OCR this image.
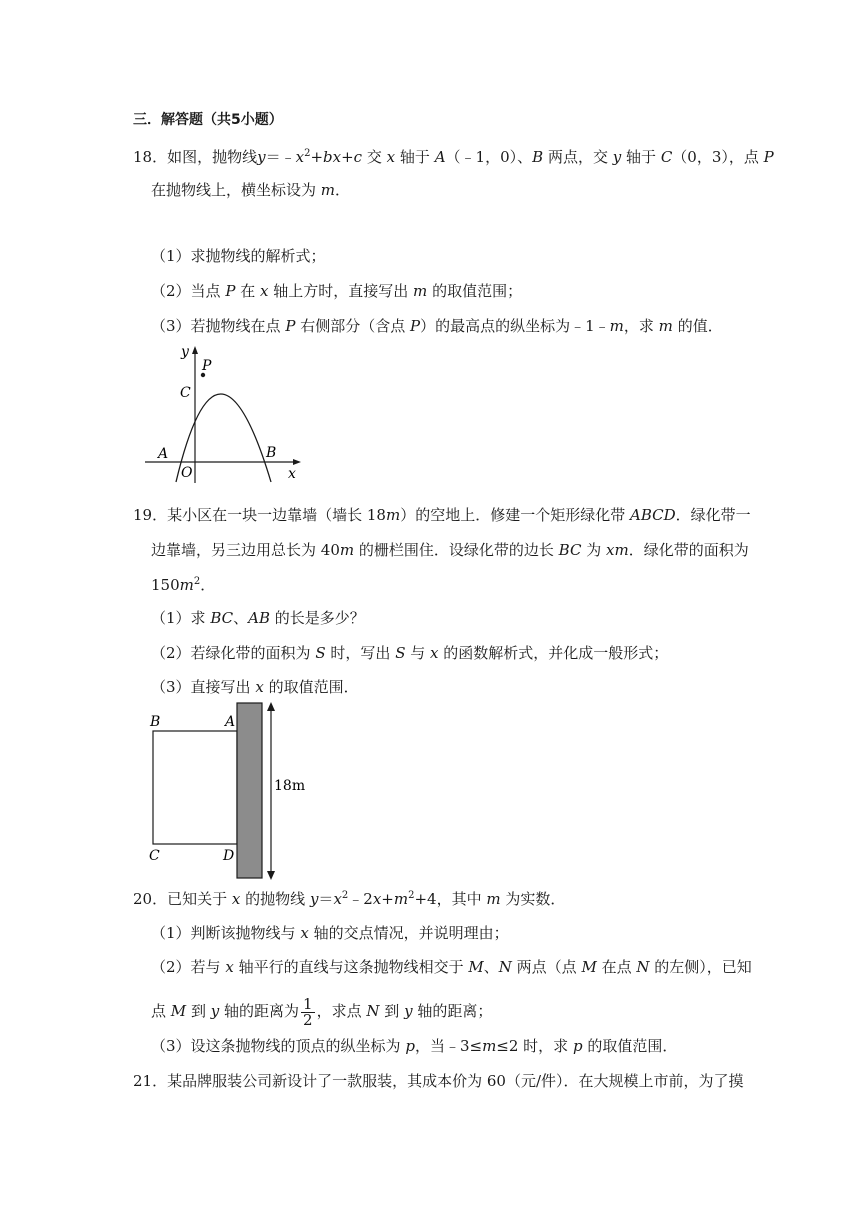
三．解答题（共5小题）
18．如图，抛物线$y=﹣x^2+bx+c$ 交 x 轴于 A（﹣1，0）、B 两点，交 y 轴于 C（0，3），点 P
在抛物线上，横坐标设为 m．
（1）求抛物线的解析式；
（2）当点 P 在 x 轴上方时，直接写出 m 的取值范围；
（3）若抛物线在点 P 右侧部分（含点 P）的最高点的纵坐标为﹣1﹣m，求 m 的值．
y
P
C
A
O
B
x
19．某小区在一块一边靠墙（墙长 18m）的空地上．修建一个矩形绿化带 ABCD．绿化带一
边靠墙，另三边用总长为 40m 的栅栏围住．设绿化带的边长 BC 为 xm．绿化带的面积为
$150m^2$．
（1）求 BC、AB 的长是多少？
（2）若绿化带的面积为 S 时，写出 S 与 x 的函数解析式，并化成一般形式；
（3）直接写出 x 的取值范围．
B	A
C	D
18m
20．已知关于 x 的抛物线 $y=x^2﹣2x+m^2+4$，其中 m 为实数．
（1）判断该抛物线与 x 轴的交点情况，并说明理由；
（2）若与 x 轴平行的直线与这条抛物线相交于 M、N 两点（点 M 在点 N 的左侧），已知
点 M 到 y 轴的距离为 $\frac{1}{2}$ ，求点 N 到 y 轴的距离；
（3）设这条抛物线的顶点的纵坐标为 p，当﹣3≤m≤2 时，求 p 的取值范围．
21．某品牌服装公司新设计了一款服装，其成本价为 60（元/件）．在大规模上市前，为了摸
